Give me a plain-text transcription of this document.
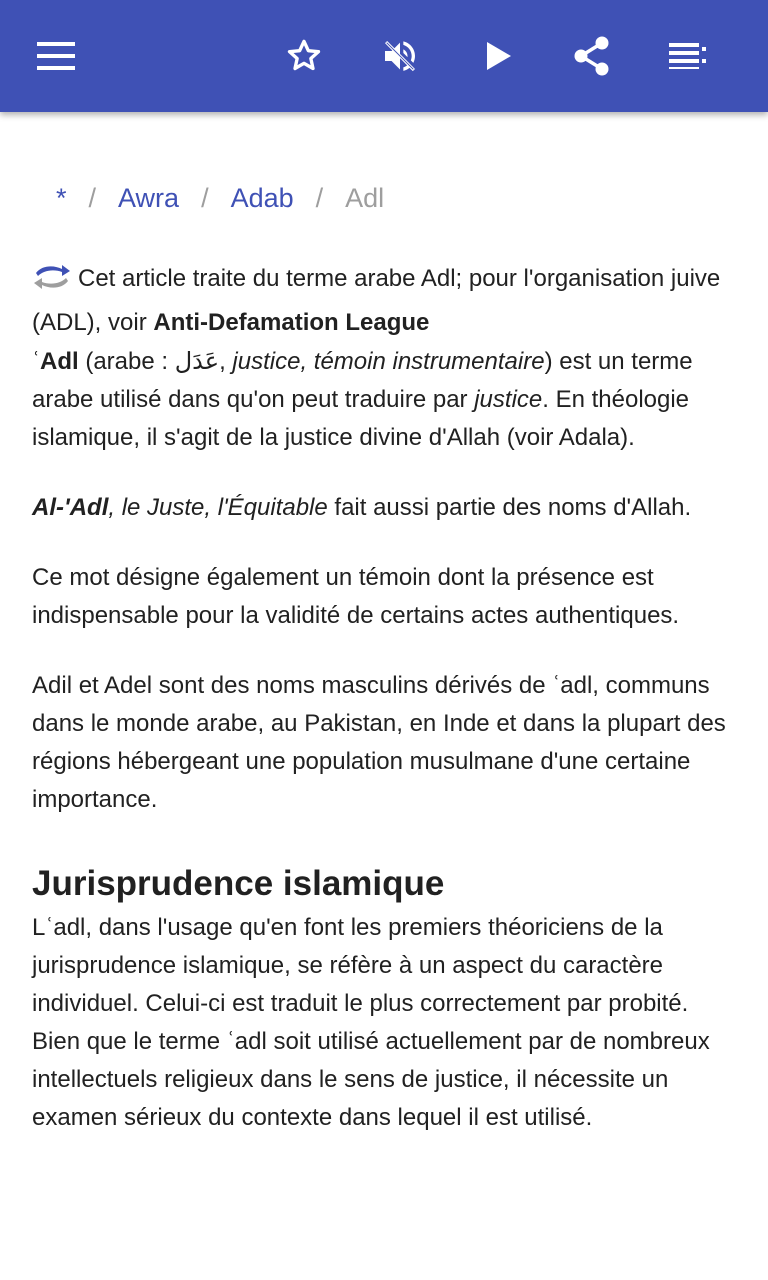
* / Awra / Adab / Adl

Cet article traite du terme arabe Adl; pour l'organisation juive (ADL), voir Anti-Defamation League

ʿAdl (arabe : عَدَل, justice, témoin instrumentaire) est un terme arabe utilisé dans qu'on peut traduire par justice. En théologie islamique, il s'agit de la justice divine d'Allah (voir Adala).

Al-'Adl, le Juste, l'Équitable fait aussi partie des noms d'Allah.

Ce mot désigne également un témoin dont la présence est indispensable pour la validité de certains actes authentiques.

Adil et Adel sont des noms masculins dérivés de ʿadl, communs dans le monde arabe, au Pakistan, en Inde et dans la plupart des régions hébergeant une population musulmane d'une certaine importance.

Jurisprudence islamique

Lʿadl, dans l'usage qu'en font les premiers théoriciens de la jurisprudence islamique, se réfère à un aspect du caractère individuel. Celui-ci est traduit le plus correctement par probité. Bien que le terme ʿadl soit utilisé actuellement par de nombreux intellectuels religieux dans le sens de justice, il nécessite un examen sérieux du contexte dans lequel il est utilisé.
